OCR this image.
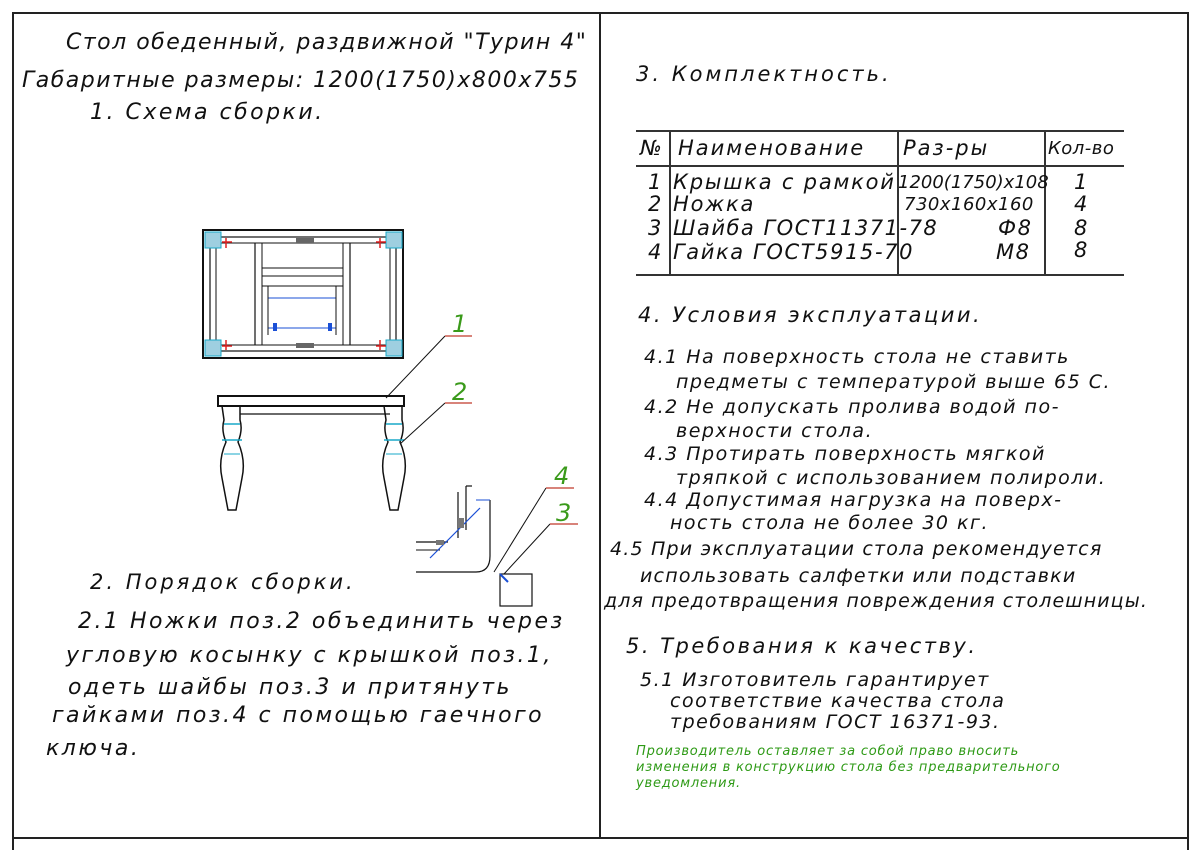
Стол обеденный, раздвижной "Турин 4"
Габаритные размеры: 1200(1750)x800x755
1. Схема сборки.
1
2
4
3
2. Порядок сборки.
2.1 Ножки поз.2 объединить через
угловую косынку с крышкой поз.1,
одеть шайбы поз.3 и притянуть
гайками поз.4 с помощью гаечного
ключа.
3. Комплектность.
№ Наименование Раз-ры	Кол-во
1 Крышка с рамкой 1200(1750)x108 1
2 Ножка	730x160x160 4
3 Шайба ГОСТ11371-78	Ф8 8
4 Гайка ГОСТ5915-70	М8 8
4. Условия эксплуатации.
4.1 На поверхность стола не ставить
предметы с температурой выше 65 С.
4.2 Не допускать пролива водой по-
верхности стола.
4.3 Протирать поверхность мягкой
тряпкой с использованием полироли.
4.4 Допустимая нагрузка на поверх-
ность стола не более 30 кг.
4.5 При эксплуатации стола рекомендуется
использовать салфетки или подставки
для предотвращения повреждения столешницы.
5. Требования к качеству.
5.1 Изготовитель гарантирует
соответствие качества стола
требованиям ГОСТ 16371-93.
Производитель оставляет за собой право вносить
изменения в конструкцию стола без предварительного
уведомления.
